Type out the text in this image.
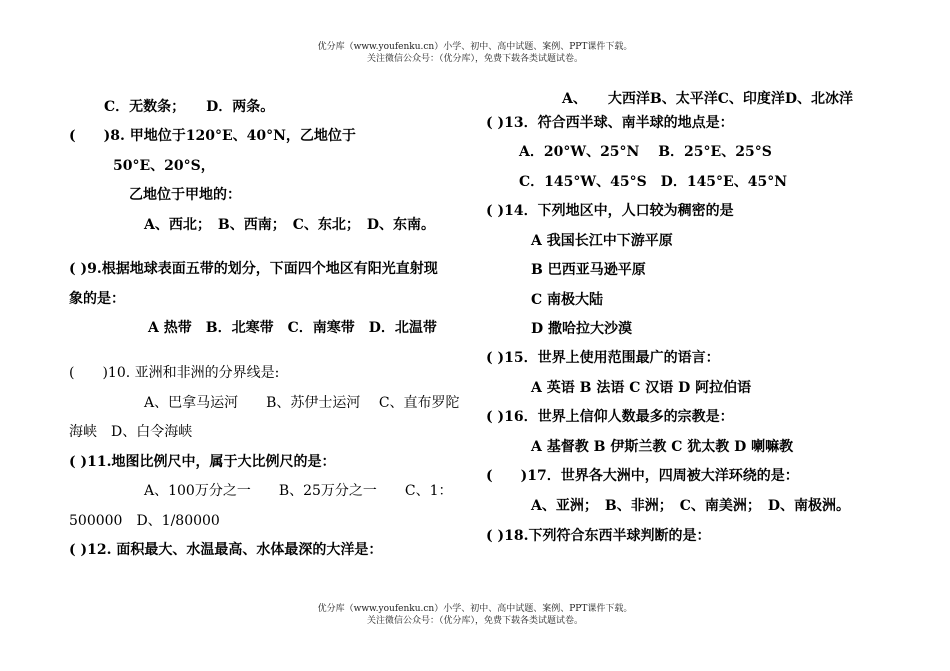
优分库（www.youfenku.cn）小学、初中、高中试题、案例、PPT课件下载。
关注微信公众号：（优分库），免费下载各类试题试卷。
C．无数条；　　D．两条。
(　　)8. 甲地位于120°E、40°N，乙地位于
50°E、20°S，
乙地位于甲地的：
A、西北；　B、西南；　C、东北；　D、东南。
( )9.根据地球表面五带的划分，下面四个地区有阳光直射现
象的是：
A 热带　B．北寒带　C．南寒带　D．北温带
(　　)10. 亚洲和非洲的分界线是:
A、巴拿马运河　　B、苏伊士运河　 C、直布罗陀
海峡　D、白令海峡
( )11.地图比例尺中，属于大比例尺的是：
A、100万分之一　　B、25万分之一　　C、1：
500000　D、1/80000
( )12. 面积最大、水温最高、水体最深的大洋是：
A、　　大西洋B、太平洋C、印度洋D、北冰洋
( )13．符合西半球、南半球的地点是：
A．20°W、25°N　 B．25°E、25°S
C．145°W、45°S　D．145°E、45°N
( )14．下列地区中，人口较为稠密的是
A 我国长江中下游平原
B 巴西亚马逊平原
C 南极大陆
D 撒哈拉大沙漠
( )15．世界上使用范围最广的语言：
A 英语 B 法语 C 汉语 D 阿拉伯语
( )16．世界上信仰人数最多的宗教是：
A 基督教 B 伊斯兰教 C 犹太教 D 喇嘛教
(　　)17．世界各大洲中，四周被大洋环绕的是：
A、亚洲；　B、非洲；　C、南美洲；　D、南极洲。
( )18.下列符合东西半球判断的是：
优分库（www.youfenku.cn）小学、初中、高中试题、案例、PPT课件下载。
关注微信公众号：（优分库），免费下载各类试题试卷。
